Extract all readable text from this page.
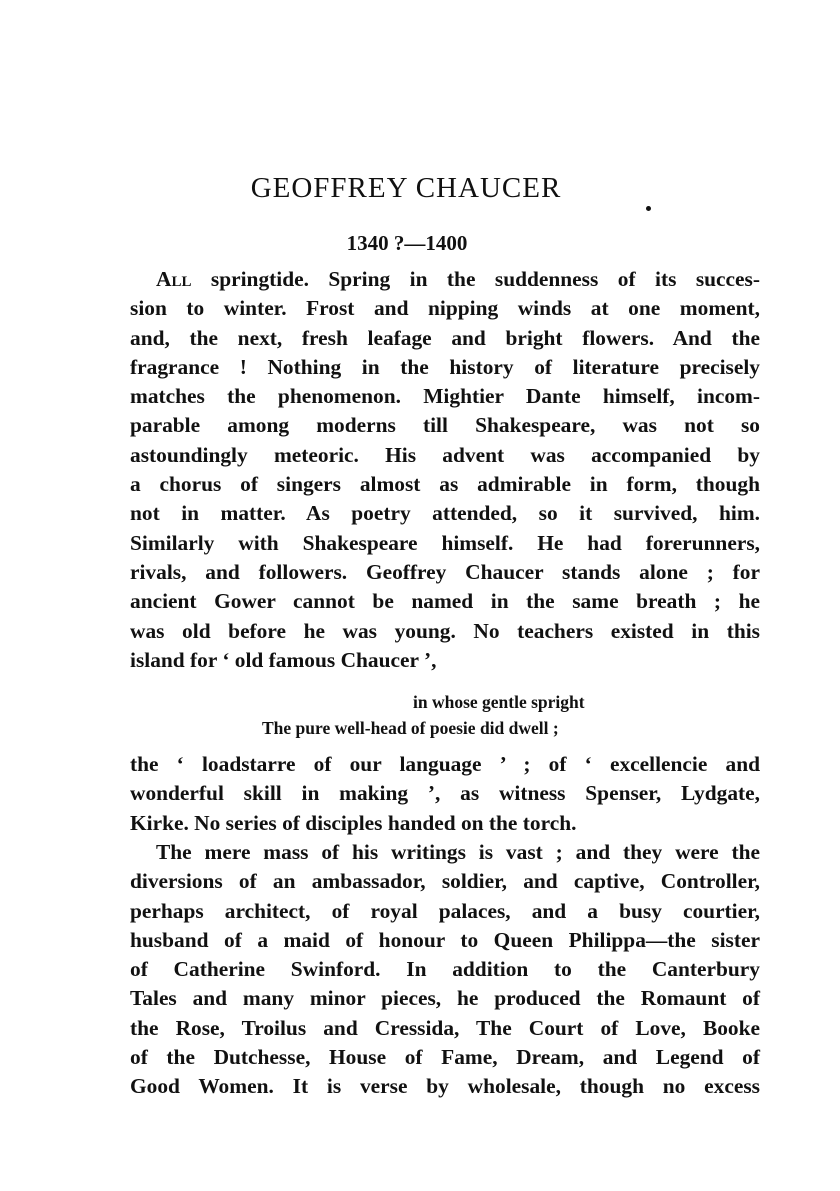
GEOFFREY CHAUCER
1340 ?—1400
All springtide. Spring in the suddenness of its succes-
sion to winter. Frost and nipping winds at one moment,
and, the next, fresh leafage and bright flowers. And the
fragrance ! Nothing in the history of literature precisely
matches the phenomenon. Mightier Dante himself, incom-
parable among moderns till Shakespeare, was not so
astoundingly meteoric. His advent was accompanied by
a chorus of singers almost as admirable in form, though
not in matter. As poetry attended, so it survived, him.
Similarly with Shakespeare himself. He had forerunners,
rivals, and followers. Geoffrey Chaucer stands alone ; for
ancient Gower cannot be named in the same breath ; he
was old before he was young. No teachers existed in this
island for ‘ old famous Chaucer ’,
in whose gentle spright
The pure well-head of poesie did dwell ;
the ‘ loadstarre of our language ’ ; of ‘ excellencie and
wonderful skill in making ’, as witness Spenser, Lydgate,
Kirke. No series of disciples handed on the torch.
The mere mass of his writings is vast ; and they were the
diversions of an ambassador, soldier, and captive, Controller,
perhaps architect, of royal palaces, and a busy courtier,
husband of a maid of honour to Queen Philippa—the sister
of Catherine Swinford. In addition to the Canterbury
Tales and many minor pieces, he produced the Romaunt of
the Rose, Troilus and Cressida, The Court of Love, Booke
of the Dutchesse, House of Fame, Dream, and Legend of
Good Women. It is verse by wholesale, though no excess
